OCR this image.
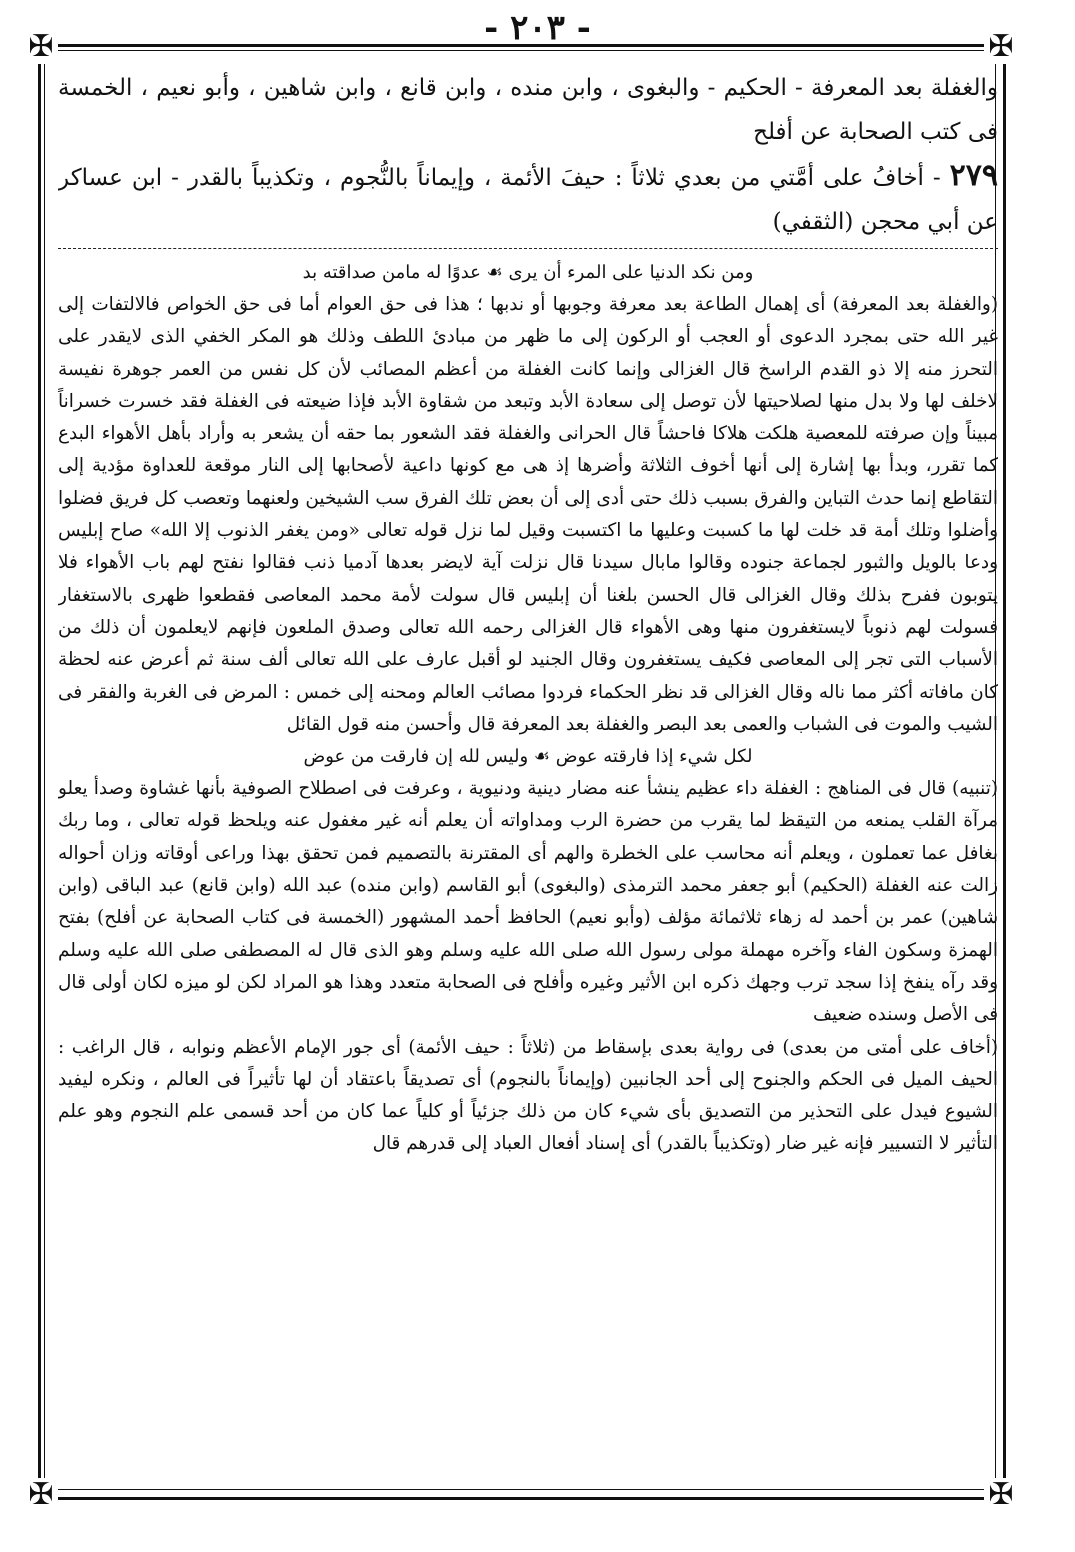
- ٢٠٣ -
✠	✠
✠	✠

والغفلة بعد المعرفة - الحكيم - والبغوى ، وابن منده ، وابن قانع ، وابن شاهين ، وأبو نعيم ، الخمسة فى كتب الصحابة عن أفلح

٢٧٩ - أخافُ على أمَّتي من بعدي ثلاثاً : حيفَ الأئمة ، وإيماناً بالنُّجوم ، وتكذيباً بالقدر - ابن عساكر عن أبي محجن (الثقفي)

ومن نكد الدنيا على المرء أن يرى ☙ عدوًا له مامن صداقته بد

(والغفلة بعد المعرفة) أى إهمال الطاعة بعد معرفة وجوبها أو ندبها ؛ هذا فى حق العوام أما فى حق الخواص فالالتفات إلى غير الله حتى بمجرد الدعوى أو العجب أو الركون إلى ما ظهر من مبادئ اللطف وذلك هو المكر الخفي الذى لايقدر على التحرز منه إلا ذو القدم الراسخ قال الغزالى وإنما كانت الغفلة من أعظم المصائب لأن كل نفس من العمر جوهرة نفيسة لاخلف لها ولا بدل منها لصلاحيتها لأن توصل إلى سعادة الأبد وتبعد من شقاوة الأبد فإذا ضيعته فى الغفلة فقد خسرت خسراناً مبيناً وإن صرفته للمعصية هلكت هلاكا فاحشاً قال الحرانى والغفلة فقد الشعور بما حقه أن يشعر به وأراد بأهل الأهواء البدع كما تقرر، وبدأ بها إشارة إلى أنها أخوف الثلاثة وأضرها إذ هى مع كونها داعية لأصحابها إلى النار موقعة للعداوة مؤدية إلى التقاطع إنما حدث التباين والفرق بسبب ذلك حتى أدى إلى أن بعض تلك الفرق سب الشيخين ولعنهما وتعصب كل فريق فضلوا وأضلوا وتلك أمة قد خلت لها ما كسبت وعليها ما اكتسبت وقيل لما نزل قوله تعالى «ومن يغفر الذنوب إلا الله» صاح إبليس ودعا بالويل والثبور لجماعة جنوده وقالوا مابال سيدنا قال نزلت آية لايضر بعدها آدميا ذنب فقالوا نفتح لهم باب الأهواء فلا يتوبون ففرح بذلك وقال الغزالى قال الحسن بلغنا أن إبليس قال سولت لأمة محمد المعاصى فقطعوا ظهرى بالاستغفار فسولت لهم ذنوباً لايستغفرون منها وهى الأهواء قال الغزالى رحمه الله تعالى وصدق الملعون فإنهم لايعلمون أن ذلك من الأسباب التى تجر إلى المعاصى فكيف يستغفرون وقال الجنيد لو أقبل عارف على الله تعالى ألف سنة ثم أعرض عنه لحظة كان مافاته أكثر مما ناله وقال الغزالى قد نظر الحكماء فردوا مصائب العالم ومحنه إلى خمس : المرض فى الغربة والفقر فى الشيب والموت فى الشباب والعمى بعد البصر والغفلة بعد المعرفة قال وأحسن منه قول القائل

لكل شيء إذا فارقته عوض ☙ وليس لله إن فارقت من عوض

(تنبيه) قال فى المناهج : الغفلة داء عظيم ينشأ عنه مضار دينية ودنيوية ، وعرفت فى اصطلاح الصوفية بأنها غشاوة وصدأ يعلو مرآة القلب يمنعه من التيقظ لما يقرب من حضرة الرب ومداواته أن يعلم أنه غير مغفول عنه ويلحظ قوله تعالى ، وما ربك بغافل عما تعملون ، ويعلم أنه محاسب على الخطرة والهم أى المقترنة بالتصميم فمن تحقق بهذا وراعى أوقاته وزان أحواله زالت عنه الغفلة (الحكيم) أبو جعفر محمد الترمذى (والبغوى) أبو القاسم (وابن منده) عبد الله (وابن قانع) عبد الباقى (وابن شاهين) عمر بن أحمد له زهاء ثلاثمائة مؤلف (وأبو نعيم) الحافظ أحمد المشهور (الخمسة فى كتاب الصحابة عن أفلح) بفتح الهمزة وسكون الفاء وآخره مهملة مولى رسول الله صلى الله عليه وسلم وهو الذى قال له المصطفى صلى الله عليه وسلم وقد رآه ينفخ إذا سجد ترب وجهك ذكره ابن الأثير وغيره وأفلح فى الصحابة متعدد وهذا هو المراد لكن لو ميزه لكان أولى قال فى الأصل وسنده ضعيف

(أخاف على أمتى من بعدى) فى رواية بعدى بإسقاط من (ثلاثاً : حيف الأئمة) أى جور الإمام الأعظم ونوابه ، قال الراغب : الحيف الميل فى الحكم والجنوح إلى أحد الجانبين (وإيماناً بالنجوم) أى تصديقاً باعتقاد أن لها تأثيراً فى العالم ، ونكره ليفيد الشيوع فيدل على التحذير من التصديق بأى شيء كان من ذلك جزئياً أو كلياً عما كان من أحد قسمى علم النجوم وهو علم التأثير لا التسيير فإنه غير ضار (وتكذيباً بالقدر) أى إسناد أفعال العباد إلى قدرهم قال
